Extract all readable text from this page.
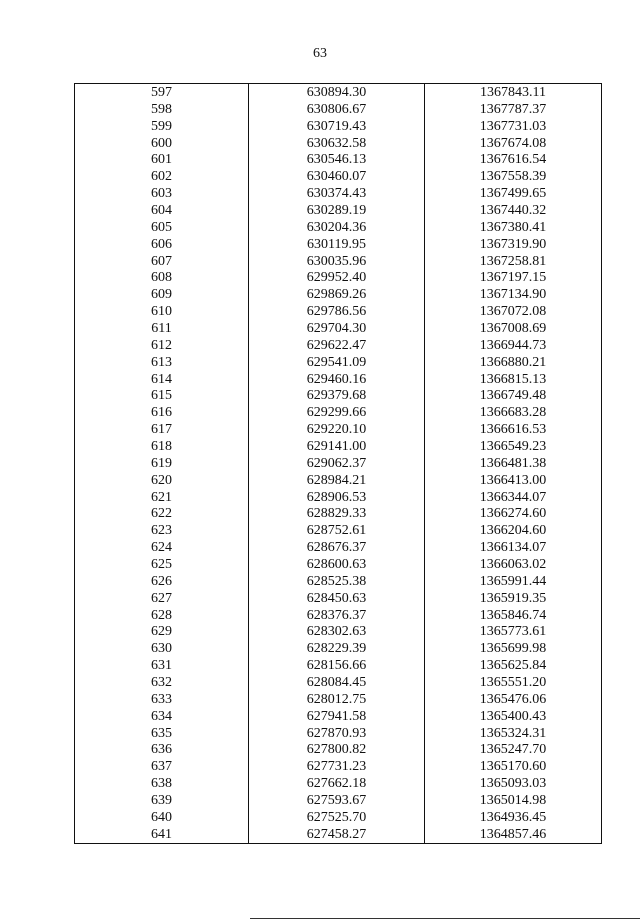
63
597	630894.30	1367843.11
598	630806.67	1367787.37
599	630719.43	1367731.03
600	630632.58	1367674.08
601	630546.13	1367616.54
602	630460.07	1367558.39
603	630374.43	1367499.65
604	630289.19	1367440.32
605	630204.36	1367380.41
606	630119.95	1367319.90
607	630035.96	1367258.81
608	629952.40	1367197.15
609	629869.26	1367134.90
610	629786.56	1367072.08
611	629704.30	1367008.69
612	629622.47	1366944.73
613	629541.09	1366880.21
614	629460.16	1366815.13
615	629379.68	1366749.48
616	629299.66	1366683.28
617	629220.10	1366616.53
618	629141.00	1366549.23
619	629062.37	1366481.38
620	628984.21	1366413.00
621	628906.53	1366344.07
622	628829.33	1366274.60
623	628752.61	1366204.60
624	628676.37	1366134.07
625	628600.63	1366063.02
626	628525.38	1365991.44
627	628450.63	1365919.35
628	628376.37	1365846.74
629	628302.63	1365773.61
630	628229.39	1365699.98
631	628156.66	1365625.84
632	628084.45	1365551.20
633	628012.75	1365476.06
634	627941.58	1365400.43
635	627870.93	1365324.31
636	627800.82	1365247.70
637	627731.23	1365170.60
638	627662.18	1365093.03
639	627593.67	1365014.98
640	627525.70	1364936.45
641	627458.27	1364857.46
